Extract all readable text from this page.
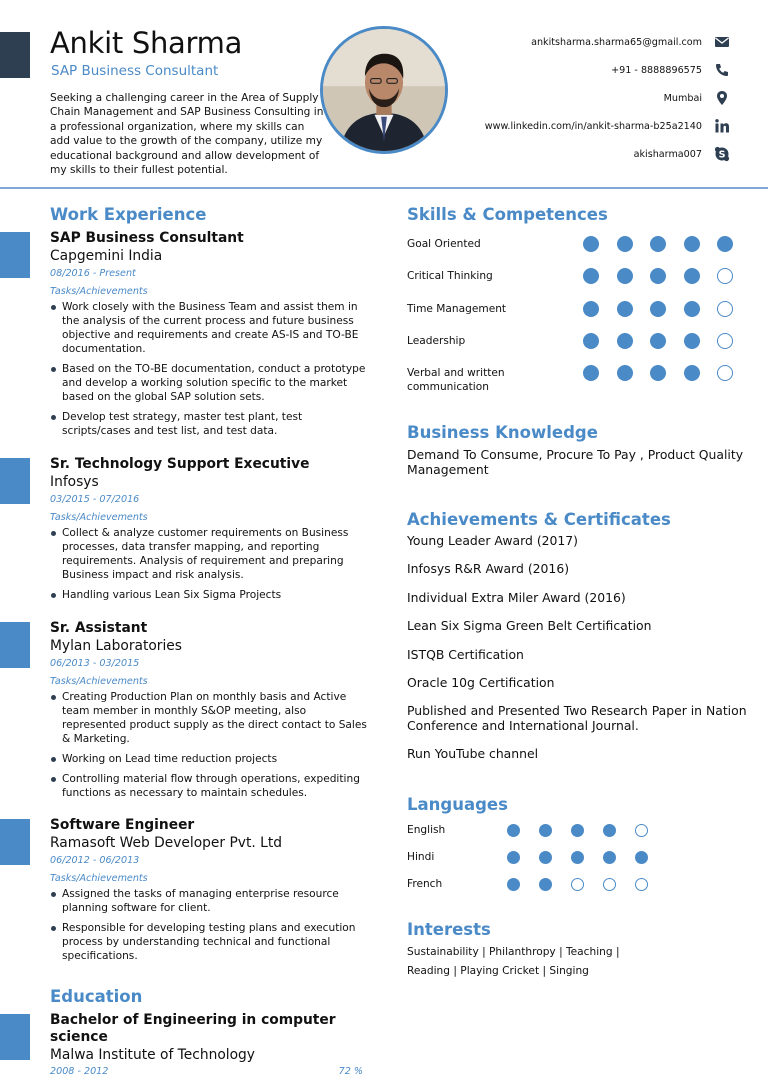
Ankit Sharma
SAP Business Consultant
Seeking a challenging career in the Area of Supply Chain Management and SAP Business Consulting in a professional organization, where my skills can add value to the growth of the company, utilize my educational background and allow development of my skills to their fullest potential.
ankitsharma.sharma65@gmail.com
+91 - 8888896575
Mumbai
www.linkedin.com/in/ankit-sharma-b25a2140
akisharma007 S
Work Experience
SAP Business Consultant
Capgemini India
08/2016 - Present
Tasks/Achievements
Work closely with the Business Team and assist them in the analysis of the current process and future business objective and requirements and create AS-IS and TO-BE documentation.
Based on the TO-BE documentation, conduct a prototype and develop a working solution specific to the market based on the global SAP solution sets.
Develop test strategy, master test plant, test scripts/cases and test list, and test data.
Sr. Technology Support Executive
Infosys
03/2015 - 07/2016
Tasks/Achievements
Collect & analyze customer requirements on Business processes, data transfer mapping, and reporting requirements. Analysis of requirement and preparing Business impact and risk analysis.
Handling various Lean Six Sigma Projects
Sr. Assistant
Mylan Laboratories
06/2013 - 03/2015
Tasks/Achievements
Creating Production Plan on monthly basis and Active team member in monthly S&OP meeting, also represented product supply as the direct contact to Sales & Marketing.
Working on Lead time reduction projects
Controlling material flow through operations, expediting functions as necessary to maintain schedules.
Software Engineer
Ramasoft Web Developer Pvt. Ltd
06/2012 - 06/2013
Tasks/Achievements
Assigned the tasks of managing enterprise resource planning software for client.
Responsible for developing testing plans and execution process by understanding technical and functional specifications.
Education
Bachelor of Engineering in computer science
Malwa Institute of Technology
2008 - 2012	72 %
Skills & Competences
Goal Oriented
Critical Thinking
Time Management
Leadership
Verbal and written communication
Business Knowledge
Demand To Consume, Procure To Pay , Product Quality Management
Achievements & Certificates
Young Leader Award (2017)
Infosys R&R Award (2016)
Individual Extra Miler Award (2016)
Lean Six Sigma Green Belt Certification
ISTQB Certification
Oracle 10g Certification
Published and Presented Two Research Paper in Nation Conference and International Journal.
Run YouTube channel
Languages
English
Hindi
French
Interests
Sustainability | Philanthropy | Teaching |
Reading | Playing Cricket | Singing
